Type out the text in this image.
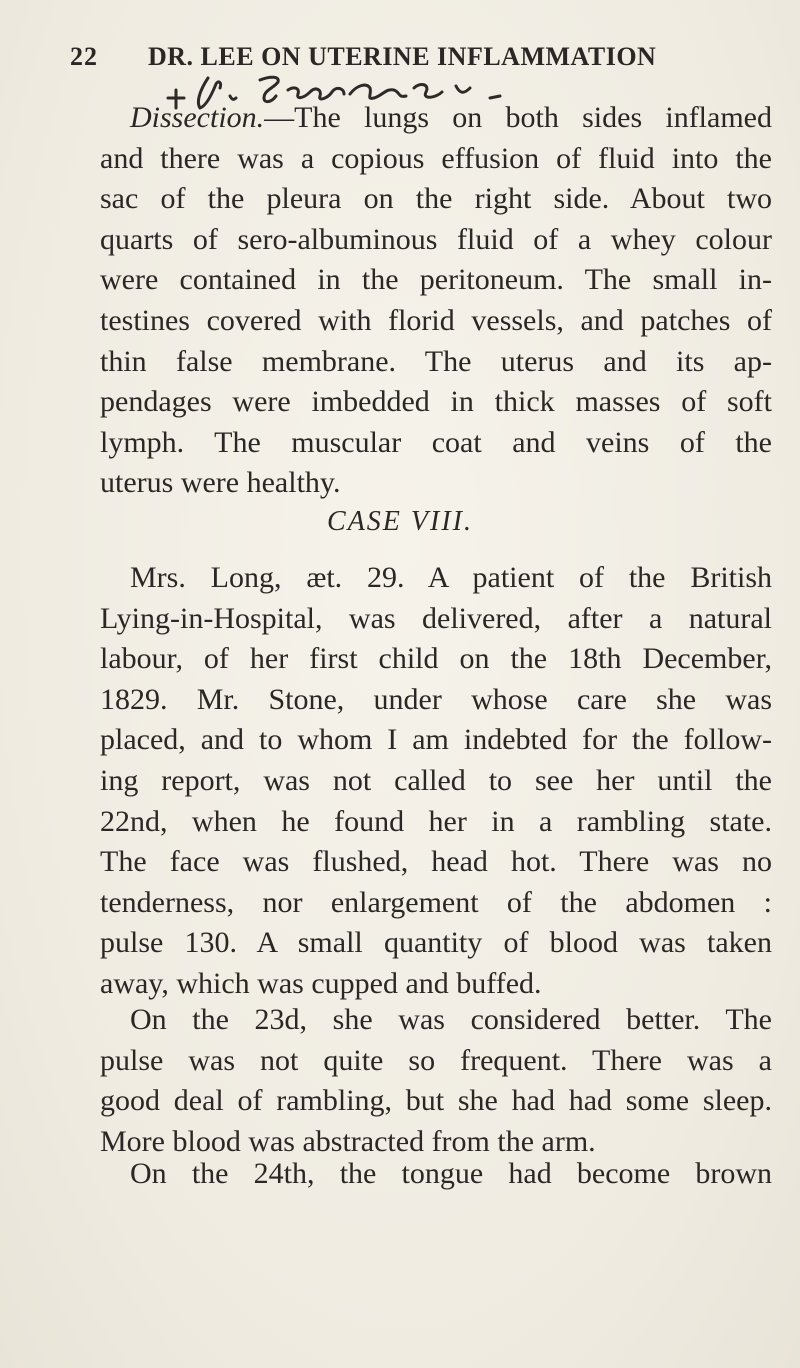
22 DR. LEE ON UTERINE INFLAMMATION
Dissection.—The lungs on both sides inflamed
and there was a copious effusion of fluid into the
sac of the pleura on the right side. About two
quarts of sero-albuminous fluid of a whey colour
were contained in the peritoneum. The small in-
testines covered with florid vessels, and patches of
thin false membrane. The uterus and its ap-
pendages were imbedded in thick masses of soft
lymph. The muscular coat and veins of the
uterus were healthy.
CASE VIII.
Mrs. Long, æt. 29. A patient of the British
Lying-in-Hospital, was delivered, after a natural
labour, of her first child on the 18th December,
1829. Mr. Stone, under whose care she was
placed, and to whom I am indebted for the follow-
ing report, was not called to see her until the
22nd, when he found her in a rambling state.
The face was flushed, head hot. There was no
tenderness, nor enlargement of the abdomen :
pulse 130. A small quantity of blood was taken
away, which was cupped and buffed.
On the 23d, she was considered better. The
pulse was not quite so frequent. There was a
good deal of rambling, but she had had some sleep.
More blood was abstracted from the arm.
On the 24th, the tongue had become brown
